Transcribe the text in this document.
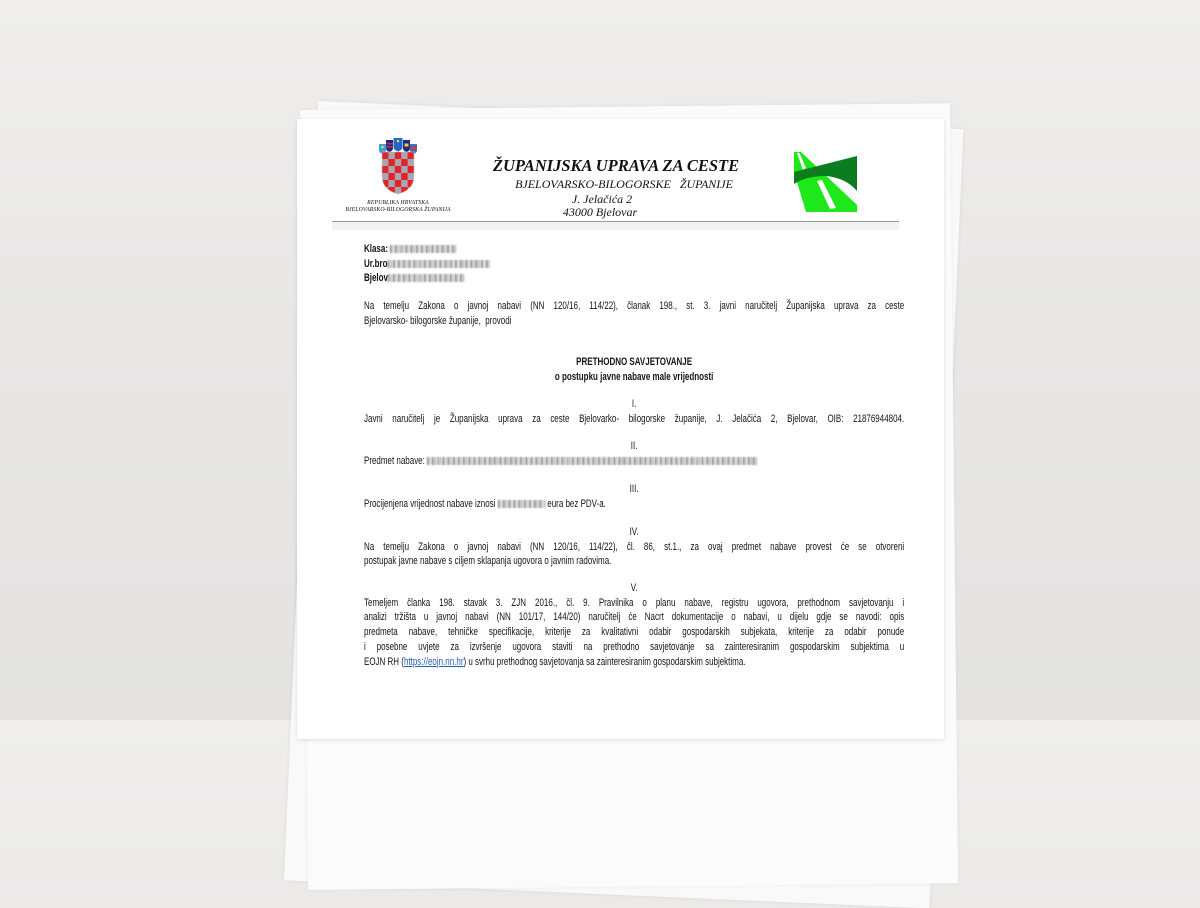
REPUBLIKA HRVATSKA
BJELOVARSKO-BILOGORSKA ŽUPANIJA
ŽUPANIJSKA UPRAVA ZA CESTE
BJELOVARSKO-BILOGORSKE   ŽUPANIJE
J. Jelačića 2
43000 Bjelovar
Klasa:
Ur.bro
Bjelov
Na temelju Zakona o javnoj nabavi (NN 120/16, 114/22), članak 198., st. 3. javni naručitelj Županijska uprava za ceste
Bjelovarsko- bilogorske županije,  provodi
PRETHODNO SAVJETOVANJE
o postupku javne nabave male vrijednosti
I.
Javni naručitelj je Županijska uprava za ceste Bjelovarko- bilogorske županije, J. Jelačića 2, Bjelovar, OIB: 21876944804.
II.
Predmet nabave:
III.
Procijenjena vrijednost nabave iznosi	eura bez PDV-a.
IV.
Na temelju Zakona o javnoj nabavi (NN 120/16, 114/22), čl. 86, st.1., za ovaj predmet nabave provest će se otvoreni
postupak javne nabave s ciljem sklapanja ugovora o javnim radovima.
V.
Temeljem članka 198. stavak 3. ZJN 2016., čl. 9. Pravilnika o planu nabave, registru ugovora, prethodnom savjetovanju i
analizi tržišta u javnoj nabavi (NN 101/17, 144/20) naručitelj će Nacrt dokumentacije o nabavi, u dijelu gdje se navodi: opis
predmeta nabave, tehničke specifikacije, kriterije za kvalitativni odabir gospodarskih subjekata, kriterije za odabir ponude
i posebne uvjete za izvršenje ugovora staviti na prethodno savjetovanje sa zainteresiranim gospodarskim subjektima u
EOJN RH (https://eojn.nn.hr) u svrhu prethodnog savjetovanja sa zainteresiranim gospodarskim subjektima.
